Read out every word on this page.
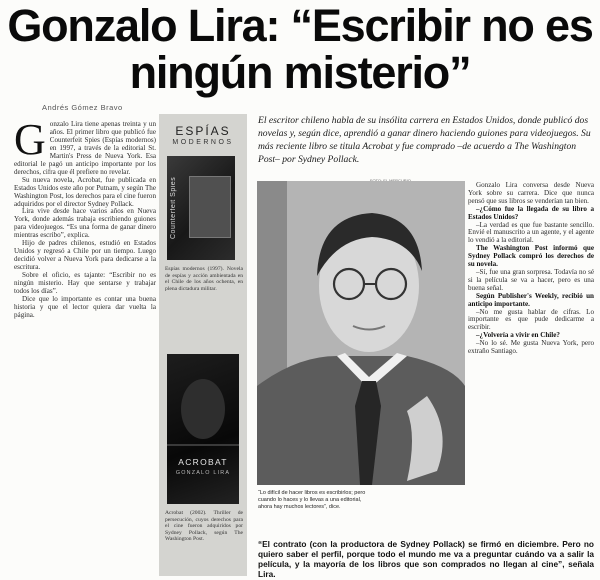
Gonzalo Lira: “Escribir no es ningún misterio”
Andrés Gómez Bravo

Gonzalo Lira tiene apenas treinta y un años. El primer libro que publicó fue Counterfeit Spies (Espías modernos) en 1997, a través de la editorial St. Martin's Press de Nueva York. Esa editorial le pagó un anticipo importante por los derechos, cifra que él prefiere no revelar.

Su nueva novela, Acrobat, fue publicada en Estados Unidos este año por Putnam, y según The Washington Post, los derechos para el cine fueron adquiridos por el director Sydney Pollack.

Lira vive desde hace varios años en Nueva York, donde además trabaja escribiendo guiones para videojuegos. “Es una forma de ganar dinero mientras escribo”, explica.

Hijo de padres chilenos, estudió en Estados Unidos y regresó a Chile por un tiempo. Luego decidió volver a Nueva York para dedicarse a la escritura.

Sobre el oficio, es tajante: “Escribir no es ningún misterio. Hay que sentarse y trabajar todos los días”.

Dice que lo importante es contar una buena historia y que el lector quiera dar vuelta la página.

ESPÍAS
MODERNOS
Counterfeit Spies
Espías modernos (1997). Novela de espías y acción ambientada en el Chile de los años ochenta, en plena dictadura militar.
ACROBAT
GONZALO LIRA
Acrobat (2002). Thriller de persecución, cuyos derechos para el cine fueron adquiridos por Sydney Pollack, según The Washington Post.

El escritor chileno habla de su insólita carrera en Estados Unidos, donde publicó dos novelas y, según dice, aprendió a ganar dinero haciendo guiones para videojuegos. Su más reciente libro se titula Acrobat y fue comprado –de acuerdo a The Washington Post– por Sydney Pollack.

“Lo difícil de hacer libros es escribirlos; pero cuando lo haces y lo llevas a una editorial, ahora hay muchos lectores”, dice.

Gonzalo Lira conversa desde Nueva York sobre su carrera. Dice que nunca pensó que sus libros se venderían tan bien.

–¿Cómo fue la llegada de su libro a Estados Unidos?

–La verdad es que fue bastante sencillo. Envié el manuscrito a un agente, y el agente lo vendió a la editorial.

The Washington Post informó que Sydney Pollack compró los derechos de su novela.

–Sí, fue una gran sorpresa. Todavía no sé si la película se va a hacer, pero es una buena señal.

Según Publisher's Weekly, recibió un anticipo importante.

–No me gusta hablar de cifras. Lo importante es que pude dedicarme a escribir.

–¿Volvería a vivir en Chile?

–No lo sé. Me gusta Nueva York, pero extraño Santiago.

“El contrato (con la productora de Sydney Pollack) se firmó en diciembre. Pero no quiero saber el perfil, porque todo el mundo me va a preguntar cuándo va a salir la película, y la mayoría de los libros que son comprados no llegan al cine”, señala Lira.
